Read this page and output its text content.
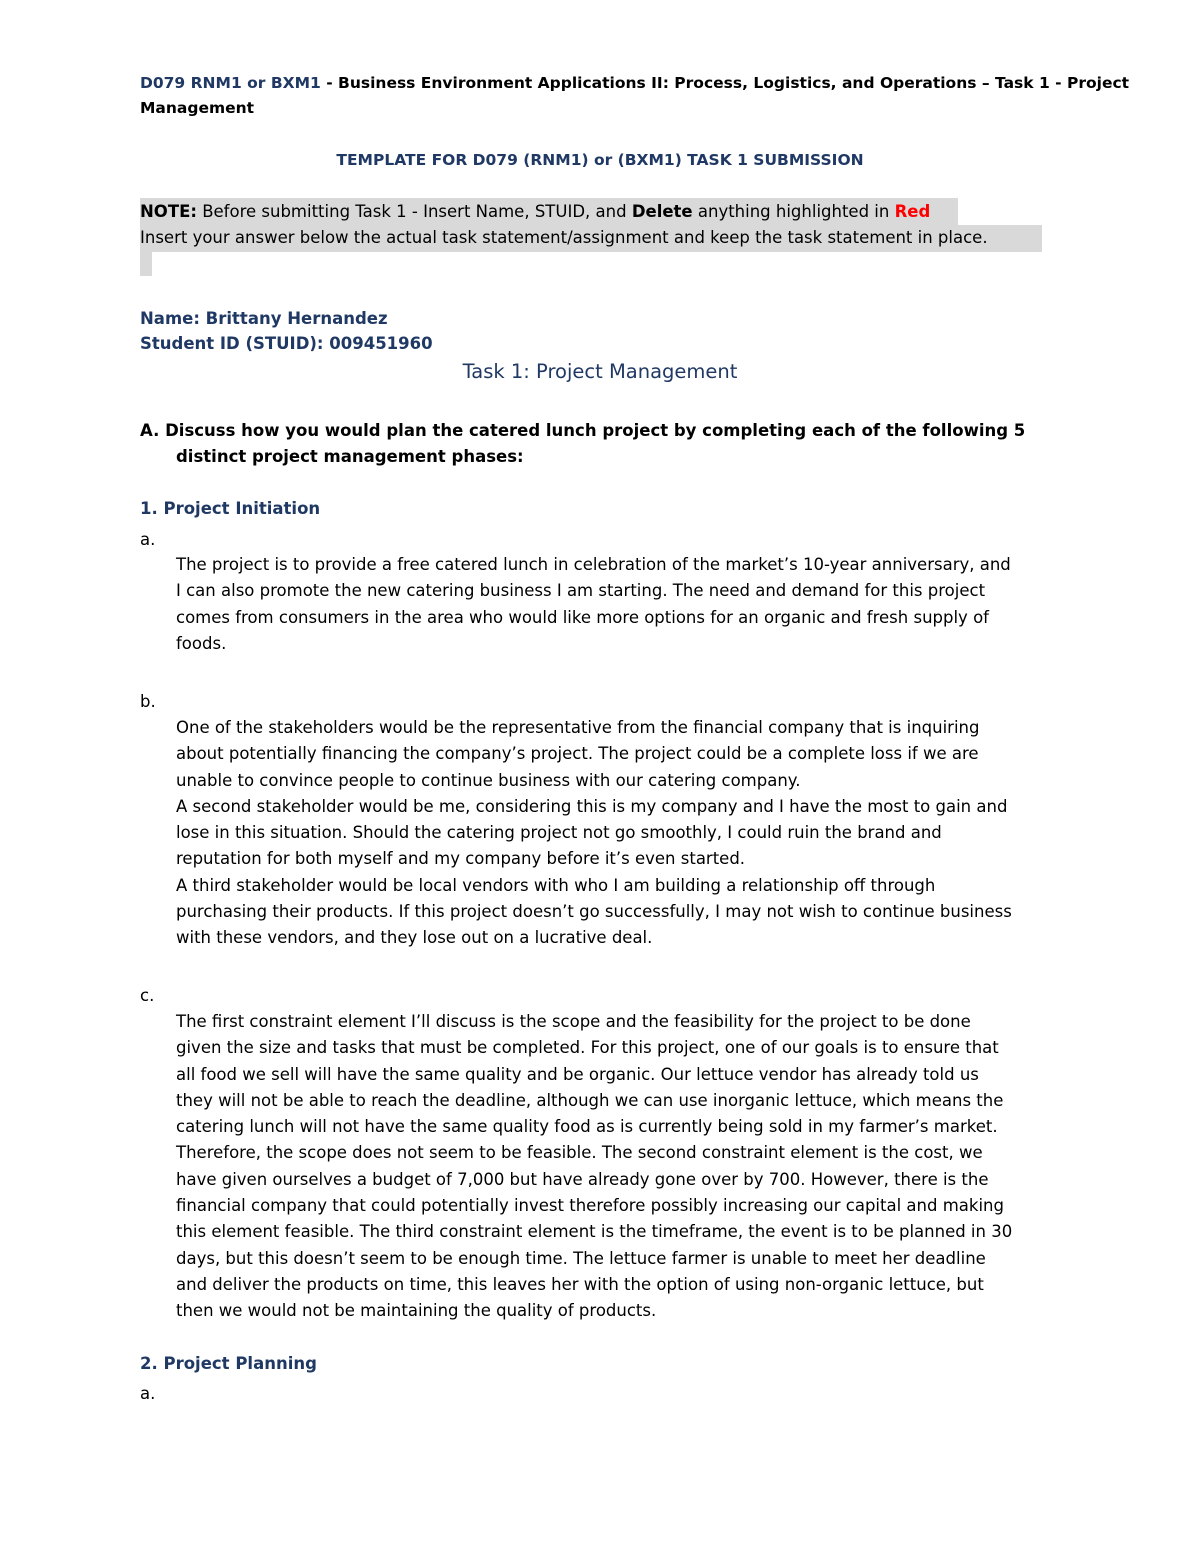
D079 RNM1 or BXM1 - Business Environment Applications II: Process, Logistics, and Operations – Task 1 - Project
Management
TEMPLATE FOR D079 (RNM1) or (BXM1) TASK 1 SUBMISSION
NOTE: Before submitting Task 1 - Insert Name, STUID, and Delete anything highlighted in Red
Insert your answer below the actual task statement/assignment and keep the task statement in place.
Name: Brittany Hernandez
Student ID (STUID): 009451960
Task 1: Project Management
A. Discuss how you would plan the catered lunch project by completing each of the following 5
distinct project management phases:
1. Project Initiation
a.
The project is to provide a free catered lunch in celebration of the market’s 10-year anniversary, and
I can also promote the new catering business I am starting. The need and demand for this project
comes from consumers in the area who would like more options for an organic and fresh supply of
foods.
b.
One of the stakeholders would be the representative from the financial company that is inquiring
about potentially financing the company’s project. The project could be a complete loss if we are
unable to convince people to continue business with our catering company.
A second stakeholder would be me, considering this is my company and I have the most to gain and
lose in this situation. Should the catering project not go smoothly, I could ruin the brand and
reputation for both myself and my company before it’s even started.
A third stakeholder would be local vendors with who I am building a relationship off through
purchasing their products. If this project doesn’t go successfully, I may not wish to continue business
with these vendors, and they lose out on a lucrative deal.
c.
The first constraint element I’ll discuss is the scope and the feasibility for the project to be done
given the size and tasks that must be completed. For this project, one of our goals is to ensure that
all food we sell will have the same quality and be organic. Our lettuce vendor has already told us
they will not be able to reach the deadline, although we can use inorganic lettuce, which means the
catering lunch will not have the same quality food as is currently being sold in my farmer’s market.
Therefore, the scope does not seem to be feasible. The second constraint element is the cost, we
have given ourselves a budget of 7,000 but have already gone over by 700. However, there is the
financial company that could potentially invest therefore possibly increasing our capital and making
this element feasible. The third constraint element is the timeframe, the event is to be planned in 30
days, but this doesn’t seem to be enough time. The lettuce farmer is unable to meet her deadline
and deliver the products on time, this leaves her with the option of using non-organic lettuce, but
then we would not be maintaining the quality of products.
2. Project Planning
a.
